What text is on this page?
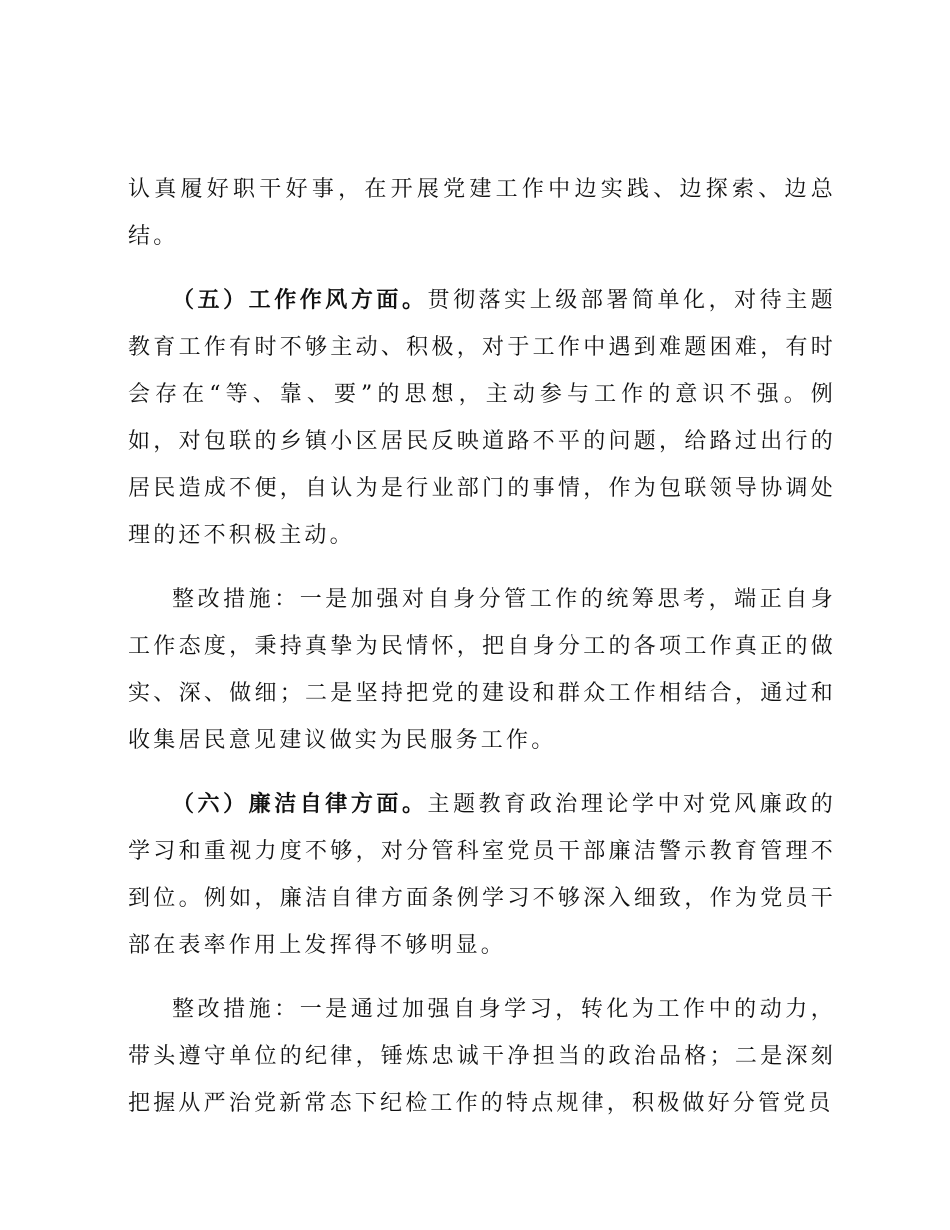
认真履好职干好事，在开展党建工作中边实践、边探索、边总结。

（五）工作作风方面。贯彻落实上级部署简单化，对待主题教育工作有时不够主动、积极，对于工作中遇到难题困难，有时会存在“等、靠、要”的思想，主动参与工作的意识不强。例如，对包联的乡镇小区居民反映道路不平的问题，给路过出行的居民造成不便，自认为是行业部门的事情，作为包联领导协调处理的还不积极主动。

整改措施：一是加强对自身分管工作的统筹思考，端正自身工作态度，秉持真挚为民情怀，把自身分工的各项工作真正的做实、深、做细；二是坚持把党的建设和群众工作相结合，通过和收集居民意见建议做实为民服务工作。

（六）廉洁自律方面。主题教育政治理论学中对党风廉政的学习和重视力度不够，对分管科室党员干部廉洁警示教育管理不到位。例如，廉洁自律方面条例学习不够深入细致，作为党员干部在表率作用上发挥得不够明显。

整改措施：一是通过加强自身学习，转化为工作中的动力，带头遵守单位的纪律，锤炼忠诚干净担当的政治品格；二是深刻把握从严治党新常态下纪检工作的特点规律，积极做好分管党员
